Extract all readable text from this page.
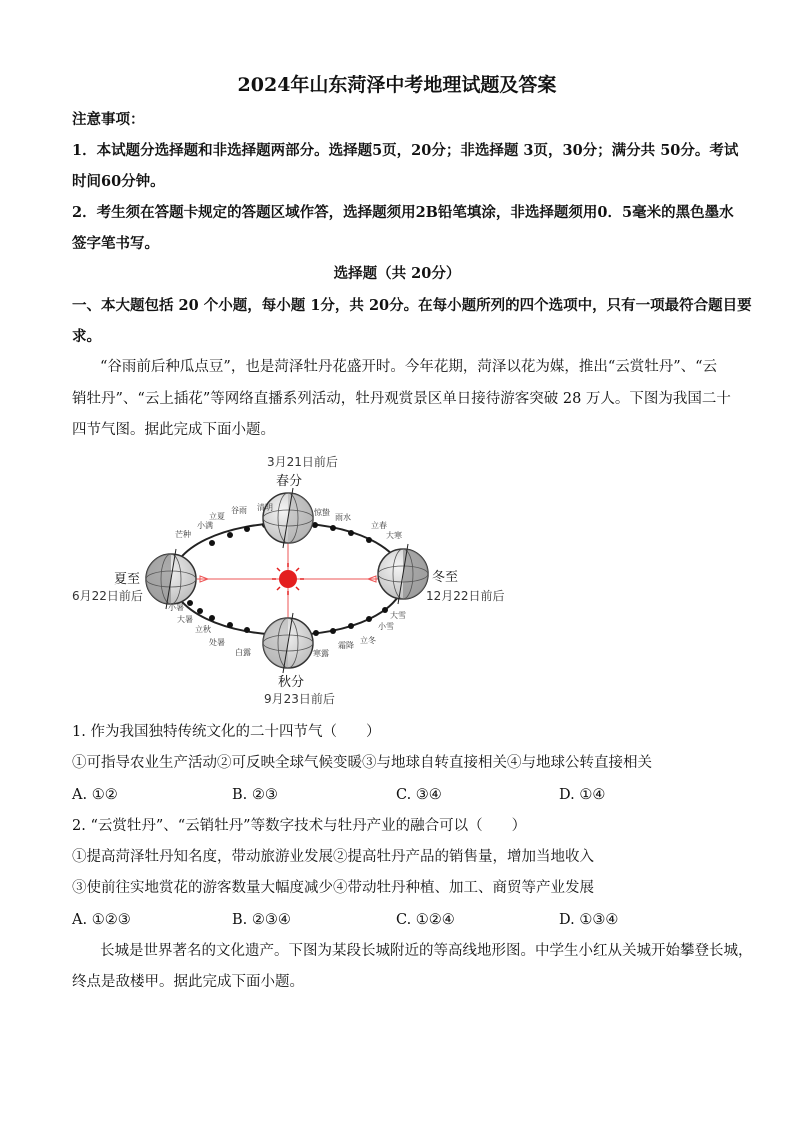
2024年山东菏泽中考地理试题及答案
注意事项：
1．本试题分选择题和非选择题两部分。选择题5页，20分；非选择题 3页，30分；满分共 50分。考试
时间60分钟。
2．考生须在答题卡规定的答题区域作答，选择题须用2B铅笔填涂，非选择题须用0．5毫米的黑色墨水
签字笔书写。
选择题（共 20分）
一、本大题包括 20 个小题，每小题 1分，共 20分。在每小题所列的四个选项中，只有一项最符合题目要
求。
“谷雨前后种瓜点豆”，也是菏泽牡丹花盛开时。今年花期，菏泽以花为媒，推出“云赏牡丹”、“云
销牡丹”、“云上插花”等网络直播系列活动，牡丹观赏景区单日接待游客突破 28 万人。下图为我国二十
四节气图。据此完成下面小题。
3月21日前后
春分
夏至
6月22日前后
冬至
12月22日前后
秋分
9月23日前后
清明
谷雨
立夏
小满
芒种
惊蛰
雨水
立春
大寒
小暑
大暑
立秋
处暑
白露
大雪
小雪
立冬
霜降
寒露
1. 作为我国独特传统文化的二十四节气（　　）
①可指导农业生产活动②可反映全球气候变暖③与地球自转直接相关④与地球公转直接相关
A. ①②	B. ②③	C. ③④	D. ①④
2. “云赏牡丹”、“云销牡丹”等数字技术与牡丹产业的融合可以（　　）
①提高菏泽牡丹知名度，带动旅游业发展②提高牡丹产品的销售量，增加当地收入
③使前往实地赏花的游客数量大幅度减少④带动牡丹种植、加工、商贸等产业发展
A. ①②③	B. ②③④	C. ①②④	D. ①③④
长城是世界著名的文化遗产。下图为某段长城附近的等高线地形图。中学生小红从关城开始攀登长城，
终点是敌楼甲。据此完成下面小题。
